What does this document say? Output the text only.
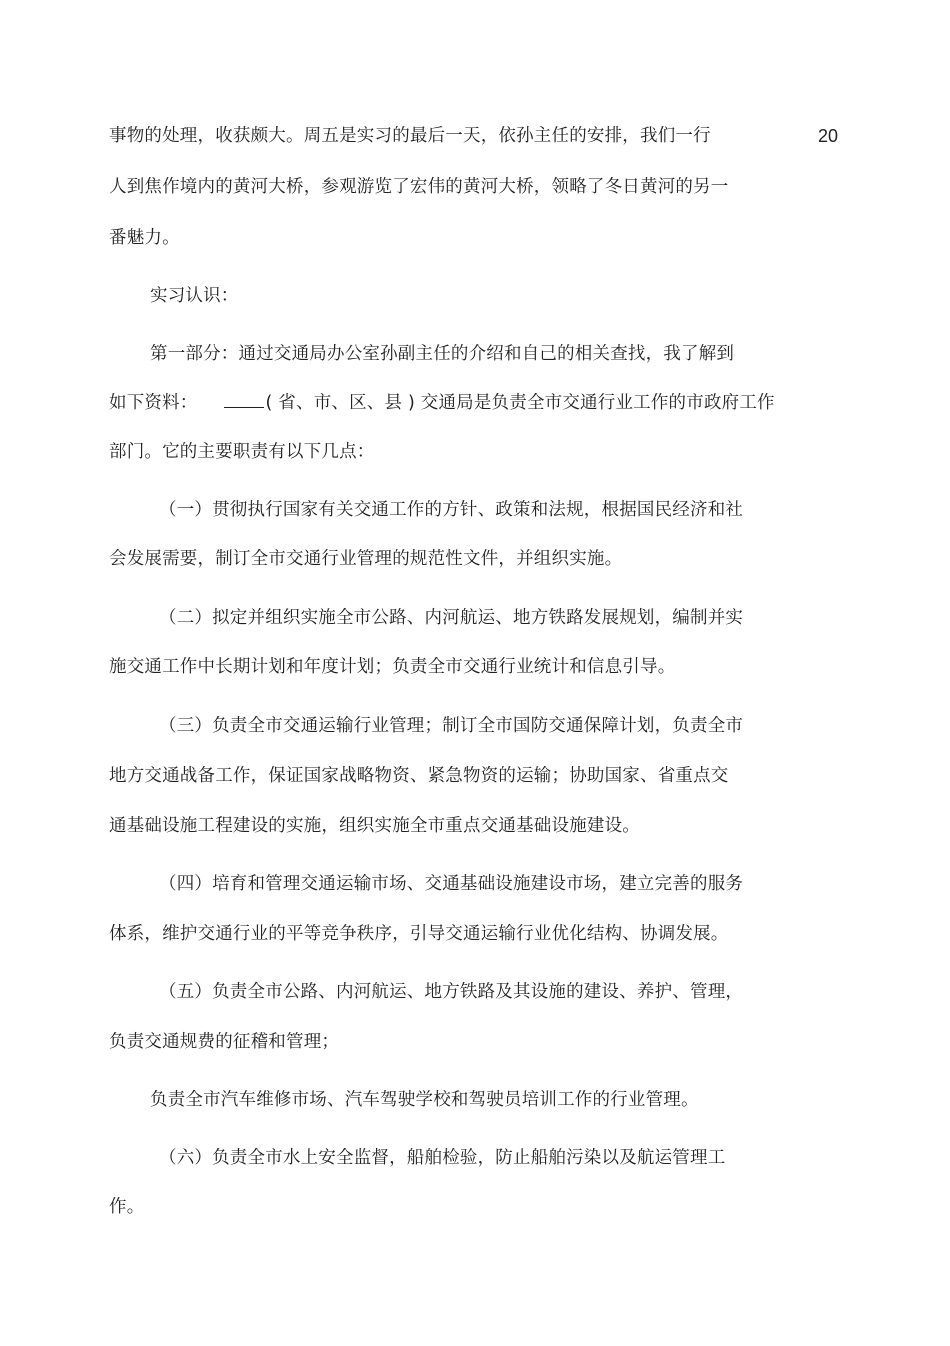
20
事物的处理，收获颇大。周五是实习的最后一天，依孙主任的安排，我们一行
人到焦作境内的黄河大桥，参观游览了宏伟的黄河大桥，领略了冬日黄河的另一
番魅力。
实习认识：
第一部分：通过交通局办公室孙副主任的介绍和自己的相关查找，我了解到
如下资料：	( 省、市、区、县 ) 交通局是负责全市交通行业工作的市政府工作
部门。它的主要职责有以下几点：
（一）贯彻执行国家有关交通工作的方针、政策和法规，根据国民经济和社
会发展需要，制订全市交通行业管理的规范性文件，并组织实施。
（二）拟定并组织实施全市公路、内河航运、地方铁路发展规划，编制并实
施交通工作中长期计划和年度计划；负责全市交通行业统计和信息引导。
（三）负责全市交通运输行业管理；制订全市国防交通保障计划，负责全市
地方交通战备工作，保证国家战略物资、紧急物资的运输；协助国家、省重点交
通基础设施工程建设的实施，组织实施全市重点交通基础设施建设。
（四）培育和管理交通运输市场、交通基础设施建设市场，建立完善的服务
体系，维护交通行业的平等竞争秩序，引导交通运输行业优化结构、协调发展。
（五）负责全市公路、内河航运、地方铁路及其设施的建设、养护、管理，
负责交通规费的征稽和管理；
负责全市汽车维修市场、汽车驾驶学校和驾驶员培训工作的行业管理。
（六）负责全市水上安全监督，船舶检验，防止船舶污染以及航运管理工
作。
